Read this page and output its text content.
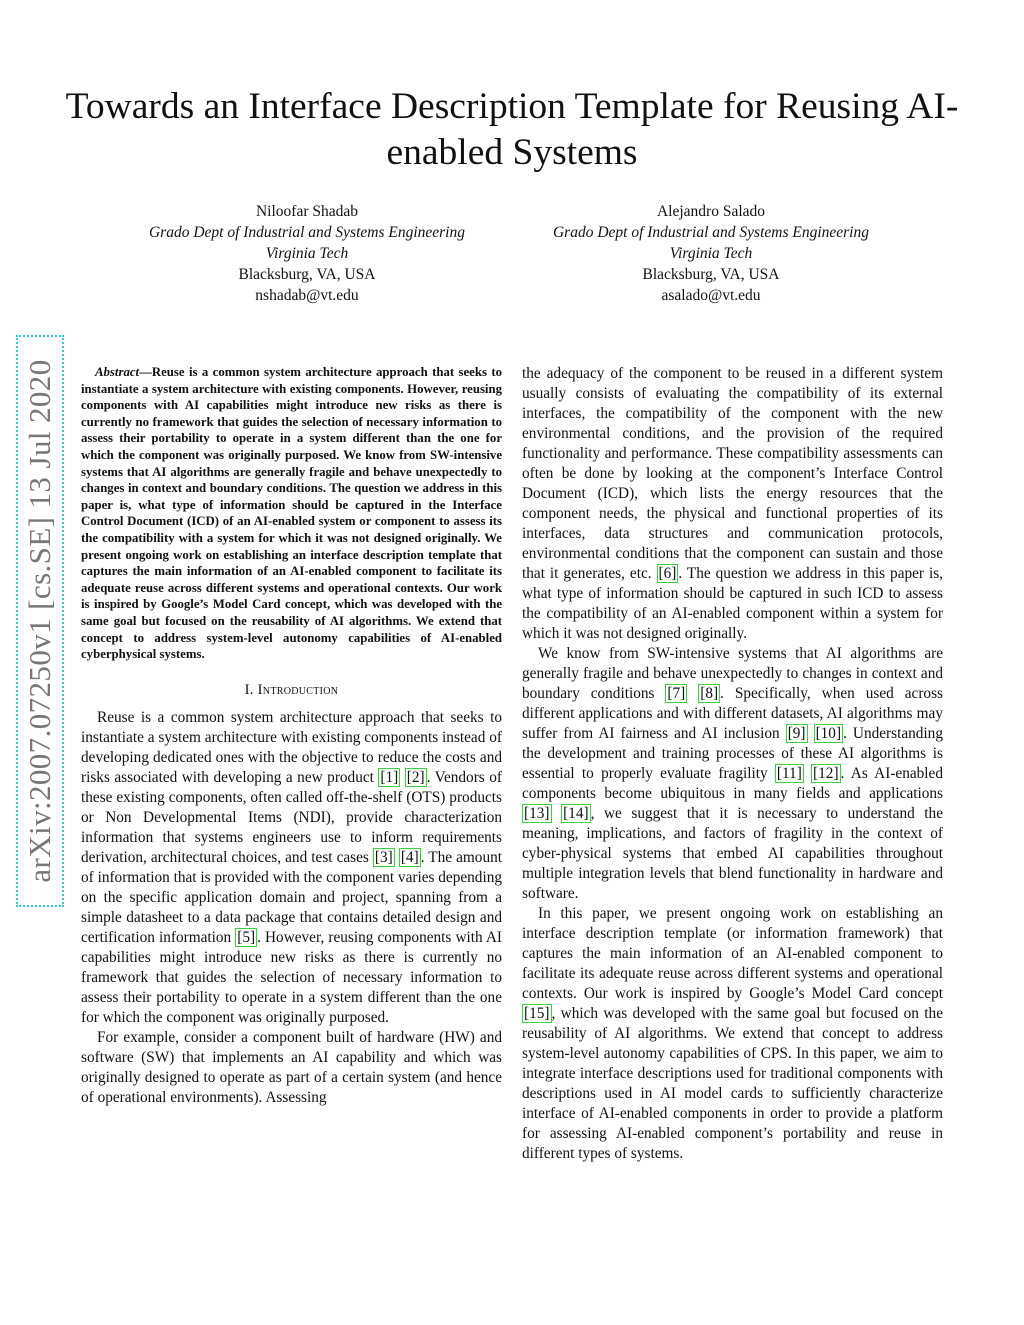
Towards an Interface Description Template for Reusing AI-enabled Systems
Niloofar Shadab
Grado Dept of Industrial and Systems Engineering
Virginia Tech
Blacksburg, VA, USA
nshadab@vt.edu
Alejandro Salado
Grado Dept of Industrial and Systems Engineering
Virginia Tech
Blacksburg, VA, USA
asalado@vt.edu
arXiv:2007.07250v1 [cs.SE] 13 Jul 2020	Abstract—Reuse is a common system architecture approach that seeks to instantiate a system architecture with existing components. However, reusing components with AI capabilities might introduce new risks as there is currently no framework that guides the selection of necessary information to assess their portability to operate in a system different than the one for which the component was originally purposed. We know from SW-intensive systems that AI algorithms are generally fragile and behave unexpectedly to changes in context and boundary conditions. The question we address in this paper is, what type of information should be captured in the Interface Control Document (ICD) of an AI-enabled system or component to assess its the compatibility with a system for which it was not designed originally. We present ongoing work on establishing an interface description template that captures the main information of an AI-enabled component to facilitate its adequate reuse across different systems and operational contexts. Our work is inspired by Google’s Model Card concept, which was developed with the same goal but focused on the reusability of AI algorithms. We extend that concept to address system-level autonomy capabilities of AI-enabled cyberphysical systems.

I. Introduction

Reuse is a common system architecture approach that seeks to instantiate a system architecture with existing components instead of developing dedicated ones with the objective to reduce the costs and risks associated with developing a new product [1] [2] . Vendors of these existing components, often called off-the-shelf (OTS) products or Non Developmental Items (NDI), provide characterization information that systems engineers use to inform requirements derivation, architectural choices, and test cases [3] [4] . The amount of information that is provided with the component varies depending on the specific application domain and project, spanning from a simple datasheet to a data package that contains detailed design and certification information [5] . However, reusing components with AI capabilities might introduce new risks as there is currently no framework that guides the selection of necessary information to assess their portability to operate in a system different than the one for which the component was originally purposed.

For example, consider a component built of hardware (HW) and software (SW) that implements an AI capability and which was originally designed to operate as part of a certain system (and hence of operational environments). Assessing

the adequacy of the component to be reused in a different system usually consists of evaluating the compatibility of its external interfaces, the compatibility of the component with the new environmental conditions, and the provision of the required functionality and performance. These compatibility assessments can often be done by looking at the component’s Interface Control Document (ICD), which lists the energy resources that the component needs, the physical and functional properties of its interfaces, data structures and communication protocols, environmental conditions that the component can sustain and those that it generates, etc. [6] . The question we address in this paper is, what type of information should be captured in such ICD to assess the compatibility of an AI-enabled component within a system for which it was not designed originally.

We know from SW-intensive systems that AI algorithms are generally fragile and behave unexpectedly to changes in context and boundary conditions [7] [8] . Specifically, when used across different applications and with different datasets, AI algorithms may suffer from AI fairness and AI inclusion [9] [10] . Understanding the development and training processes of these AI algorithms is essential to properly evaluate fragility [11] [12] . As AI-enabled components become ubiquitous in many fields and applications [13] [14] , we suggest that it is necessary to understand the meaning, implications, and factors of fragility in the context of cyber-physical systems that embed AI capabilities throughout multiple integration levels that blend functionality in hardware and software.

In this paper, we present ongoing work on establishing an interface description template (or information framework) that captures the main information of an AI-enabled component to facilitate its adequate reuse across different systems and operational contexts. Our work is inspired by Google’s Model Card concept [15] , which was developed with the same goal but focused on the reusability of AI algorithms. We extend that concept to address system-level autonomy capabilities of CPS. In this paper, we aim to integrate interface descriptions used for traditional components with descriptions used in AI model cards to sufficiently characterize interface of AI-enabled components in order to provide a platform for assessing AI-enabled component’s portability and reuse in different types of systems.
